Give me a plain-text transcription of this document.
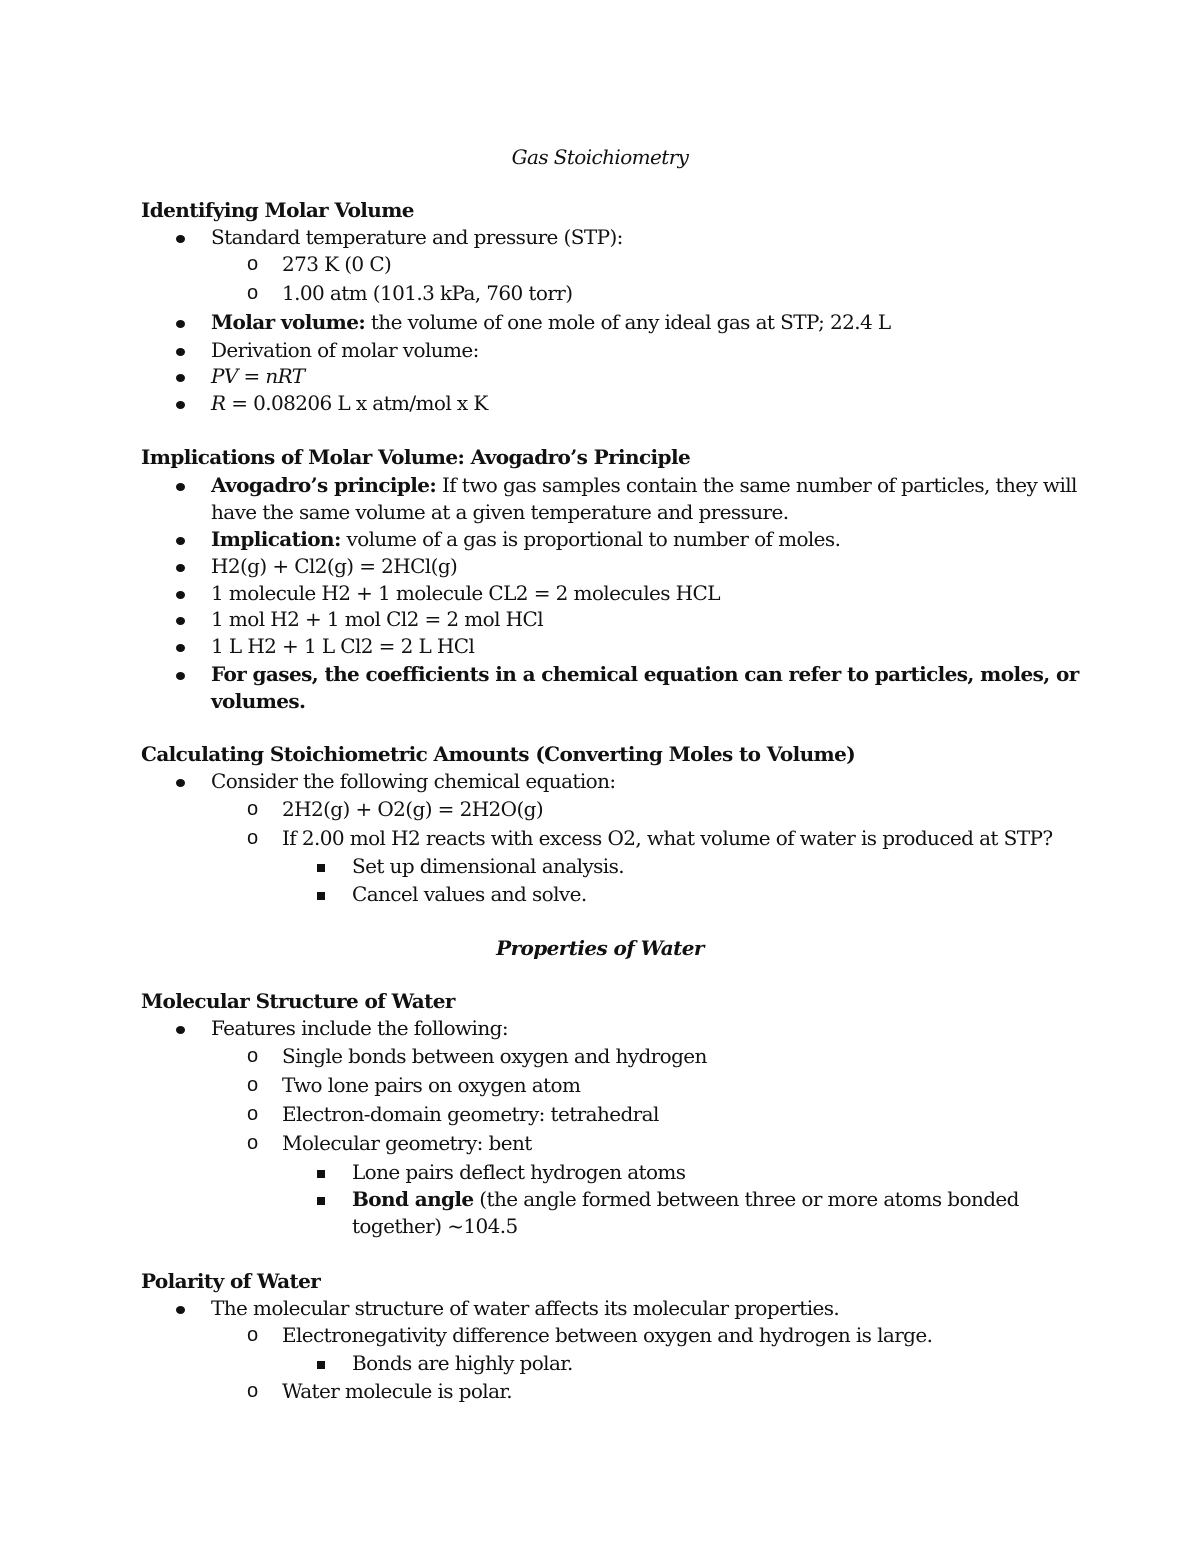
Gas Stoichiometry
Identifying Molar Volume
Standard temperature and pressure (STP):
o 273 K (0 C)
o 1.00 atm (101.3 kPa, 760 torr)
Molar volume: the volume of one mole of any ideal gas at STP; 22.4 L
Derivation of molar volume:
PV = nRT
R = 0.08206 L x atm/mol x K
Implications of Molar Volume: Avogadro’s Principle
Avogadro’s principle: If two gas samples contain the same number of particles, they will
have the same volume at a given temperature and pressure.
Implication: volume of a gas is proportional to number of moles.
H2(g) + Cl2(g) = 2HCl(g)
1 molecule H2 + 1 molecule CL2 = 2 molecules HCL
1 mol H2 + 1 mol Cl2 = 2 mol HCl
1 L H2 + 1 L Cl2 = 2 L HCl
For gases, the coefficients in a chemical equation can refer to particles, moles, or
volumes.
Calculating Stoichiometric Amounts (Converting Moles to Volume)
Consider the following chemical equation:
o 2H2(g) + O2(g) = 2H2O(g)
o If 2.00 mol H2 reacts with excess O2, what volume of water is produced at STP?
Set up dimensional analysis.
Cancel values and solve.
Properties of Water
Molecular Structure of Water
Features include the following:
o Single bonds between oxygen and hydrogen
o Two lone pairs on oxygen atom
o Electron-domain geometry: tetrahedral
o Molecular geometry: bent
Lone pairs deflect hydrogen atoms
Bond angle (the angle formed between three or more atoms bonded
together) ~104.5
Polarity of Water
The molecular structure of water affects its molecular properties.
o Electronegativity difference between oxygen and hydrogen is large.
Bonds are highly polar.
o Water molecule is polar.
